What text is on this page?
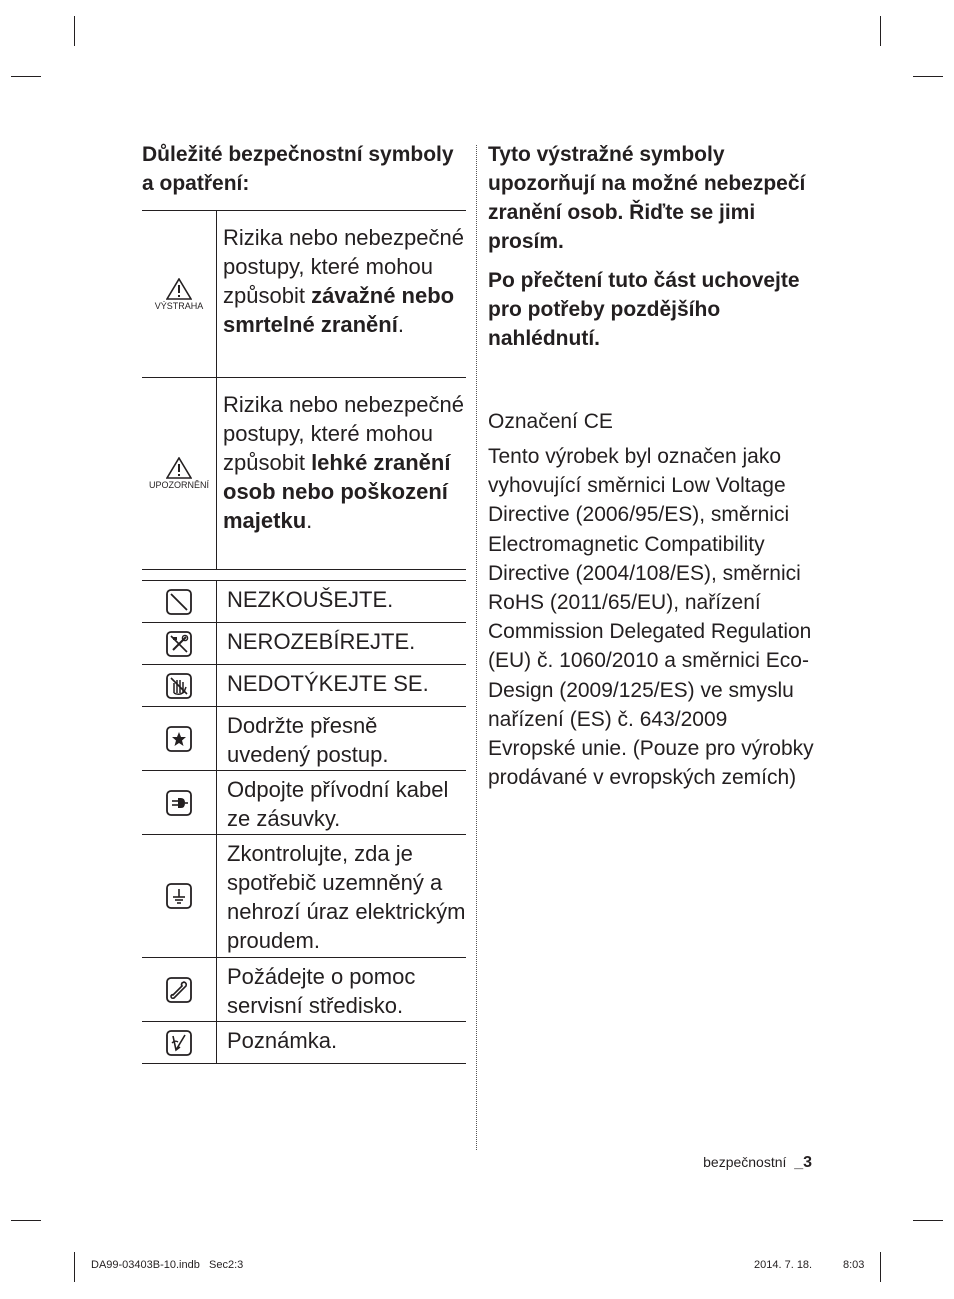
Důležité bezpečnostní symboly a opatření:

VÝSTRAHA
Rizika nebo nebezpečné postupy, které mohou způsobit závažné nebo smrtelné zranění.
UPOZORNĚNÍ
Rizika nebo nebezpečné postupy, které mohou způsobit lehké zranění osob nebo poškození majetku.
NEZKOUŠEJTE.
NEROZEBÍREJTE.
NEDOTÝKEJTE SE.
Dodržte přesně uvedený postup.
Odpojte přívodní kabel ze zásuvky.
Zkontrolujte, zda je spotřebič uzemněný a nehrozí úraz elektrickým proudem.
Požádejte o pomoc servisní středisko.
Poznámka.

Tyto výstražné symboly upozorňují na možné nebezpečí zranění osob. Řiďte se jimi prosím.

Po přečtení tuto část uchovejte pro potřeby pozdějšího nahlédnutí.

Označení CE

Tento výrobek byl označen jako vyhovující směrnici Low Voltage Directive (2006/95/ES), směrnici Electromagnetic Compatibility Directive (2004/108/ES), směrnici RoHS (2011/65/EU), nařízení Commission Delegated Regulation (EU) č. 1060/2010 a směrnici Eco-Design (2009/125/ES) ve smyslu nařízení (ES) č. 643/2009 Evropské unie. (Pouze pro výrobky prodávané v evropských zemích)

bezpečnostní _3
DA99-03403B-10.indb Sec2:3	2014. 7. 18.	8:03
